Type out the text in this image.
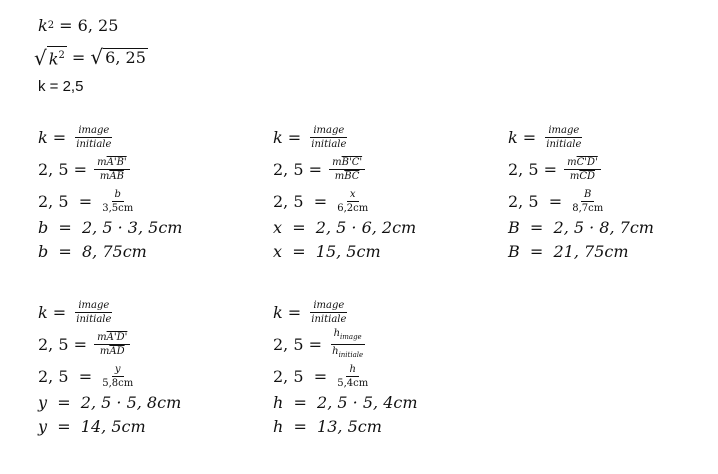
k 2 = 6, 25
√ $k^2$ = √ 6, 25
k = 2,5
$k = \frac{\text{image}}{\text{initiale}}$
2, $5 = \frac{mA'B'}{m\overline{AB}}$
2, $5 = \frac{b}{3,5cm}$
b  =  2, 5 · 3, 5cm
b  =  8, 75cm
$k = \frac{\text{image}}{\text{initiale}}$
2, $5 = \frac{mB'C'}{m\overline{BC}}$
2, $5 = \frac{x}{6,2cm}$
x  =  2, 5 · 6, 2cm
x  =  15, 5cm
$k = \frac{\text{image}}{\text{initiale}}$
2, $5 = \frac{mC'D'}{m\overline{CD}}$
2, $5 = \frac{B}{8,7cm}$
B  =  2, 5 · 8, 7cm
B  =  21, 75cm
$k = \frac{\text{image}}{\text{initiale}}$
2, $5 = \frac{mA'D'}{m\overline{AD}}$
2, $5 = \frac{y}{5,8cm}$
y  =  2, 5 · 5, 8cm
y  =  14, 5cm
$k = \frac{\text{image}}{\text{initiale}}$
2, $5 = \frac{h_{image}}{h_{initiale}}$
2, $5 = \frac{h}{5,4cm}$
h  =  2, 5 · 5, 4cm
h  =  13, 5cm
